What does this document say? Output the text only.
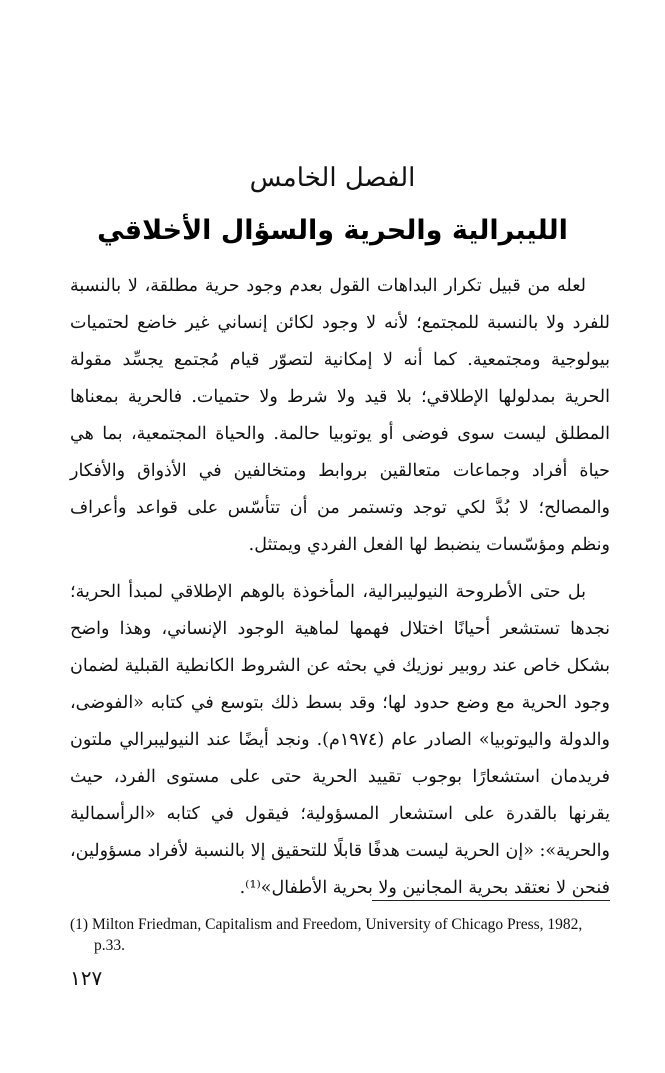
الفصل الخامس
الليبرالية والحرية والسؤال الأخلاقي

لعله من قبيل تكرار البداهات القول بعدم وجود حرية مطلقة، لا بالنسبة للفرد ولا بالنسبة للمجتمع؛ لأنه لا وجود لكائن إنساني غير خاضع لحتميات بيولوجية ومجتمعية. كما أنه لا إمكانية لتصوّر قيام مُجتمع يجسِّد مقولة الحرية بمدلولها الإطلاقي؛ بلا قيد ولا شرط ولا حتميات. فالحرية بمعناها المطلق ليست سوى فوضى أو يوتوبيا حالمة. والحياة المجتمعية، بما هي حياة أفراد وجماعات متعالقين بروابط ومتخالفين في الأذواق والأفكار والمصالح؛ لا بُدَّ لكي توجد وتستمر من أن تتأسّس على قواعد وأعراف ونظم ومؤسّسات ينضبط لها الفعل الفردي ويمتثل.

بل حتى الأطروحة النيوليبرالية، المأخوذة بالوهم الإطلاقي لمبدأ الحرية؛ نجدها تستشعر أحيانًا اختلال فهمها لماهية الوجود الإنساني، وهذا واضح بشكل خاص عند روبير نوزيك في بحثه عن الشروط الكانطية القبلية لضمان وجود الحرية مع وضع حدود لها؛ وقد بسط ذلك بتوسع في كتابه «الفوضى، والدولة واليوتوبيا» الصادر عام (١٩٧٤م). ونجد أيضًا عند النيوليبرالي ملتون فريدمان استشعارًا بوجوب تقييد الحرية حتى على مستوى الفرد، حيث يقرنها بالقدرة على استشعار المسؤولية؛ فيقول في كتابه «الرأسمالية والحرية»: «إن الحرية ليست هدفًا قابلًا للتحقيق إلا بالنسبة لأفراد مسؤولين، فنحن لا نعتقد بحرية المجانين ولا بحرية الأطفال»⁽¹⁾.

(1) Milton Friedman, Capitalism and Freedom, University of Chicago Press, 1982, p.33.
١٢٧
